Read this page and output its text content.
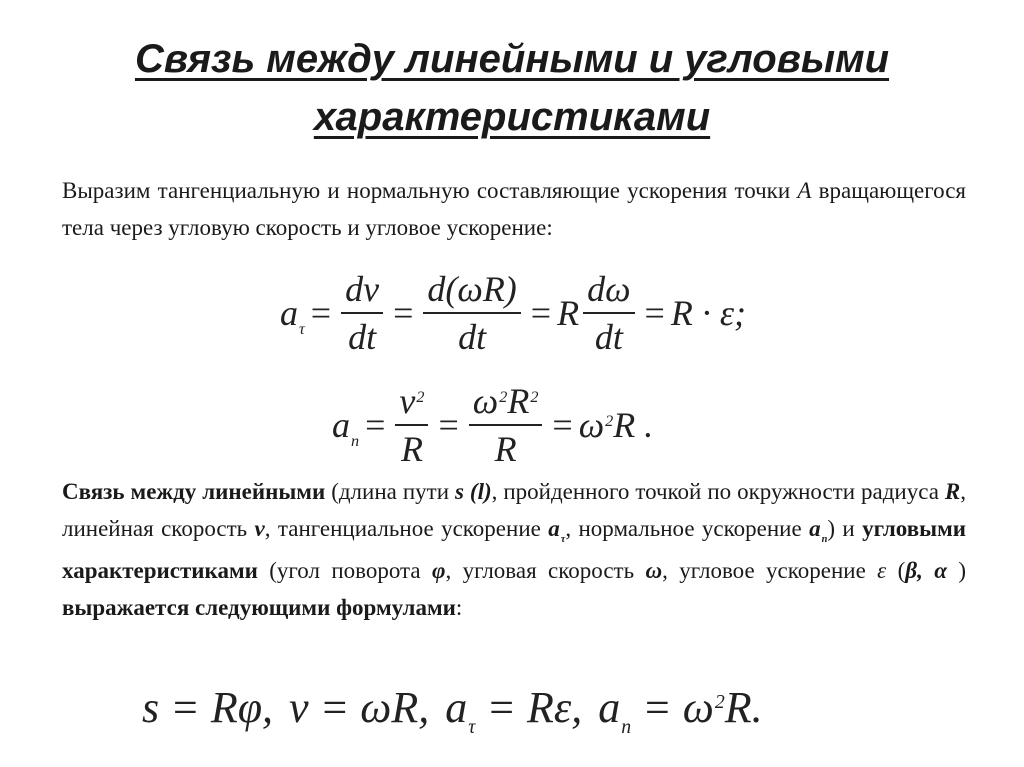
Связь между линейными и угловыми характеристиками
Выразим тангенциальную и нормальную составляющие ускорения точки A вращающегося тела через угловую скорость и угловое ускорение:
$a_\tau = \frac{dv}{dt} = \frac{d(\omega R)}{dt} = R \frac{d\omega}{dt} = R \cdot \varepsilon$;
$a_n = \frac{v^2}{R} = \frac{\omega^2R^2}{R} = \omega^2R$ .
Связь между линейными (длина пути s (l), пройденного точкой по окружности радиуса R, линейная скорость v, тангенциальное ускорение $a_\tau$, нормальное ускорение $a_n$) и угловыми характеристиками (угол поворота φ, угловая скорость ω, угловое ускорение ε (β, α ) выражается следующими формулами:
s = Rφ, v = ωR, $a_\tau = R\varepsilon$, $a_n = \omega^2R$.
